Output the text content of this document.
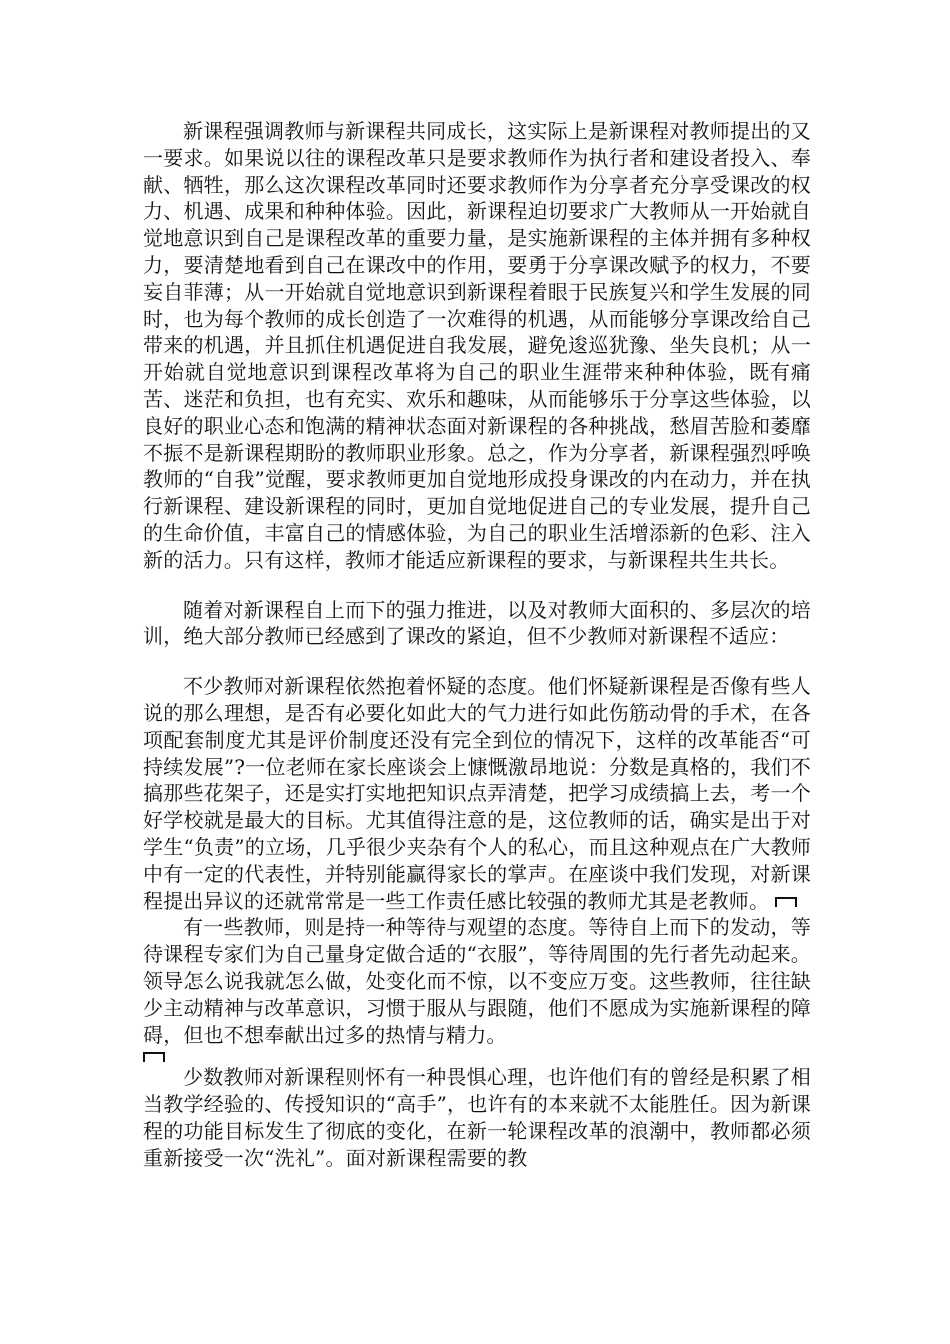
新课程强调教师与新课程共同成长，这实际上是新课程对教师提出的又一要求。如果说以往的课程改革只是要求教师作为执行者和建设者投入、奉献、牺牲，那么这次课程改革同时还要求教师作为分享者充分享受课改的权力、机遇、成果和种种体验。因此，新课程迫切要求广大教师从一开始就自觉地意识到自己是课程改革的重要力量，是实施新课程的主体并拥有多种权力，要清楚地看到自己在课改中的作用，要勇于分享课改赋予的权力，不要妄自菲薄；从一开始就自觉地意识到新课程着眼于民族复兴和学生发展的同时，也为每个教师的成长创造了一次难得的机遇，从而能够分享课改给自己带来的机遇，并且抓住机遇促进自我发展，避免逡巡犹豫、坐失良机；从一开始就自觉地意识到课程改革将为自己的职业生涯带来种种体验，既有痛苦、迷茫和负担，也有充实、欢乐和趣味，从而能够乐于分享这些体验，以良好的职业心态和饱满的精神状态面对新课程的各种挑战，愁眉苦脸和萎靡不振不是新课程期盼的教师职业形象。总之，作为分享者，新课程强烈呼唤教师的“自我”觉醒，要求教师更加自觉地形成投身课改的内在动力，并在执行新课程、建设新课程的同时，更加自觉地促进自己的专业发展，提升自己的生命价值，丰富自己的情感体验，为自己的职业生活增添新的色彩、注入新的活力。只有这样，教师才能适应新课程的要求，与新课程共生共长。

随着对新课程自上而下的强力推进，以及对教师大面积的、多层次的培训，绝大部分教师已经感到了课改的紧迫，但不少教师对新课程不适应：

不少教师对新课程依然抱着怀疑的态度。他们怀疑新课程是否像有些人说的那么理想，是否有必要化如此大的气力进行如此伤筋动骨的手术，在各项配套制度尤其是评价制度还没有完全到位的情况下，这样的改革能否“可持续发展”?一位老师在家长座谈会上慷慨激昂地说：分数是真格的，我们不搞那些花架子，还是实打实地把知识点弄清楚，把学习成绩搞上去，考一个好学校就是最大的目标。尤其值得注意的是，这位教师的话，确实是出于对学生“负责”的立场，几乎很少夹杂有个人的私心，而且这种观点在广大教师中有一定的代表性，并特别能赢得家长的掌声。在座谈中我们发现，对新课程提出异议的还就常常是一些工作责任感比较强的教师尤其是老教师。

有一些教师，则是持一种等待与观望的态度。等待自上而下的发动，等待课程专家们为自己量身定做合适的“衣服”，等待周围的先行者先动起来。领导怎么说我就怎么做，处变化而不惊，以不变应万变。这些教师，往往缺少主动精神与改革意识，习惯于服从与跟随，他们不愿成为实施新课程的障碍，但也不想奉献出过多的热情与精力。

少数教师对新课程则怀有一种畏惧心理，也许他们有的曾经是积累了相当教学经验的、传授知识的“高手”，也许有的本来就不太能胜任。因为新课程的功能目标发生了彻底的变化，在新一轮课程改革的浪潮中，教师都必须重新接受一次“洗礼”。面对新课程需要的教
